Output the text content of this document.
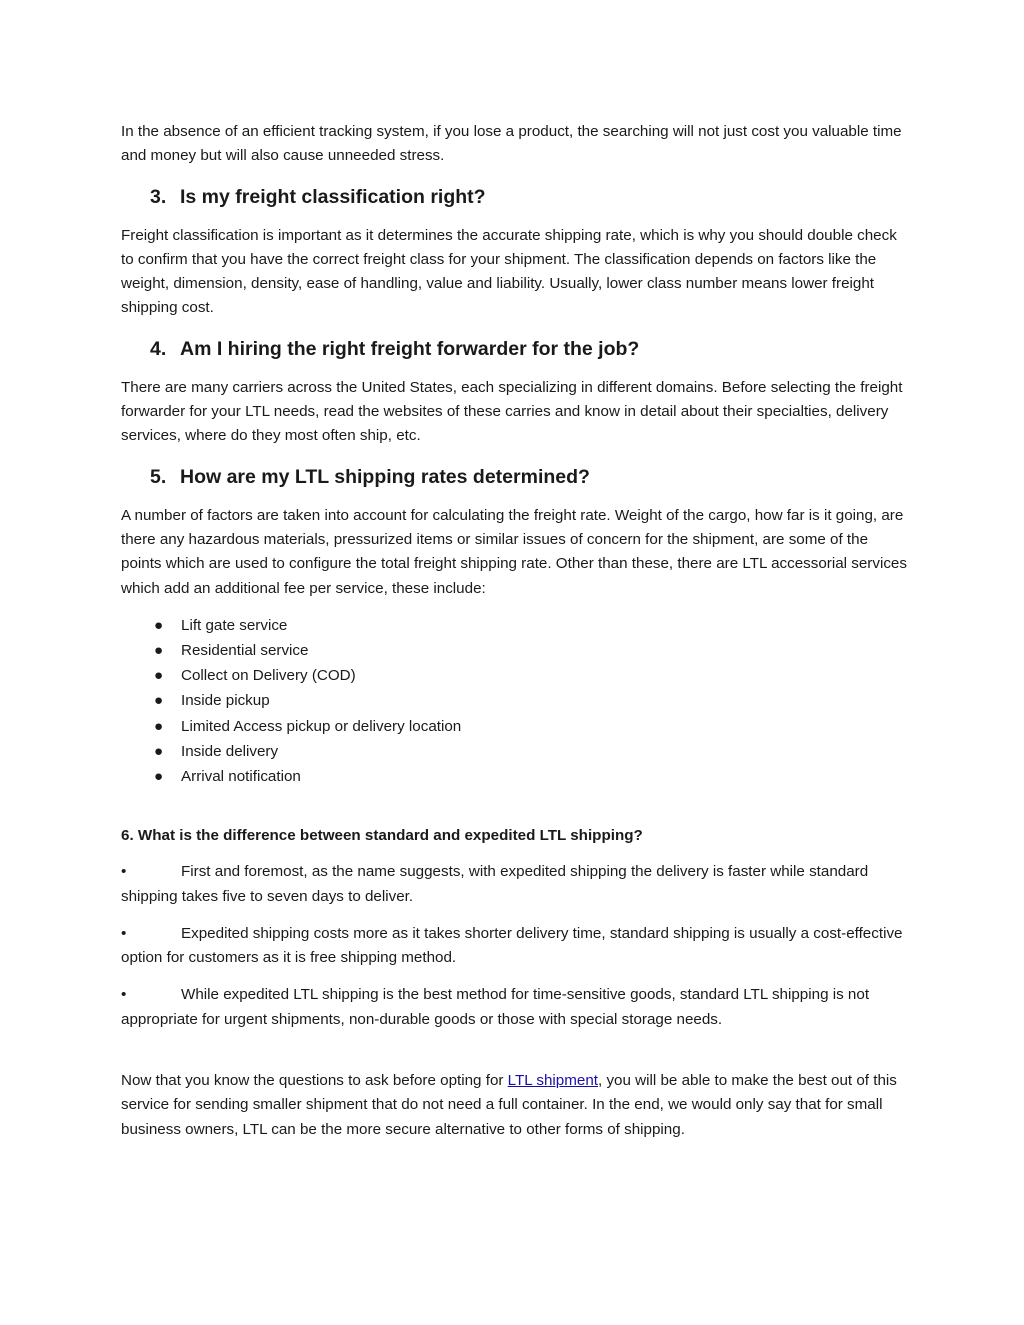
In the absence of an efficient tracking system, if you lose a product, the searching will not just cost you valuable time and money but will also cause unneeded stress.

3. Is my freight classification right?

Freight classification is important as it determines the accurate shipping rate, which is why you should double check to confirm that you have the correct freight class for your shipment. The classification depends on factors like the weight, dimension, density, ease of handling, value and liability. Usually, lower class number means lower freight shipping cost.

4. Am I hiring the right freight forwarder for the job?

There are many carriers across the United States, each specializing in different domains. Before selecting the freight forwarder for your LTL needs, read the websites of these carries and know in detail about their specialties, delivery services, where do they most often ship, etc.

5. How are my LTL shipping rates determined?

A number of factors are taken into account for calculating the freight rate. Weight of the cargo, how far is it going, are there any hazardous materials, pressurized items or similar issues of concern for the shipment, are some of the points which are used to configure the total freight shipping rate. Other than these, there are LTL accessorial services which add an additional fee per service, these include:

● Lift gate service
● Residential service
● Collect on Delivery (COD)
● Inside pickup
● Limited Access pickup or delivery location
● Inside delivery
● Arrival notification
6. What is the difference between standard and expedited LTL shipping?

•	First and foremost, as the name suggests, with expedited shipping the delivery is faster while standard shipping takes five to seven days to deliver.

•	Expedited shipping costs more as it takes shorter delivery time, standard shipping is usually a cost-effective option for customers as it is free shipping method.

•	While expedited LTL shipping is the best method for time-sensitive goods, standard LTL shipping is not appropriate for urgent shipments, non-durable goods or those with special storage needs.

Now that you know the questions to ask before opting for LTL shipment, you will be able to make the best out of this service for sending smaller shipment that do not need a full container. In the end, we would only say that for small business owners, LTL can be the more secure alternative to other forms of shipping.
